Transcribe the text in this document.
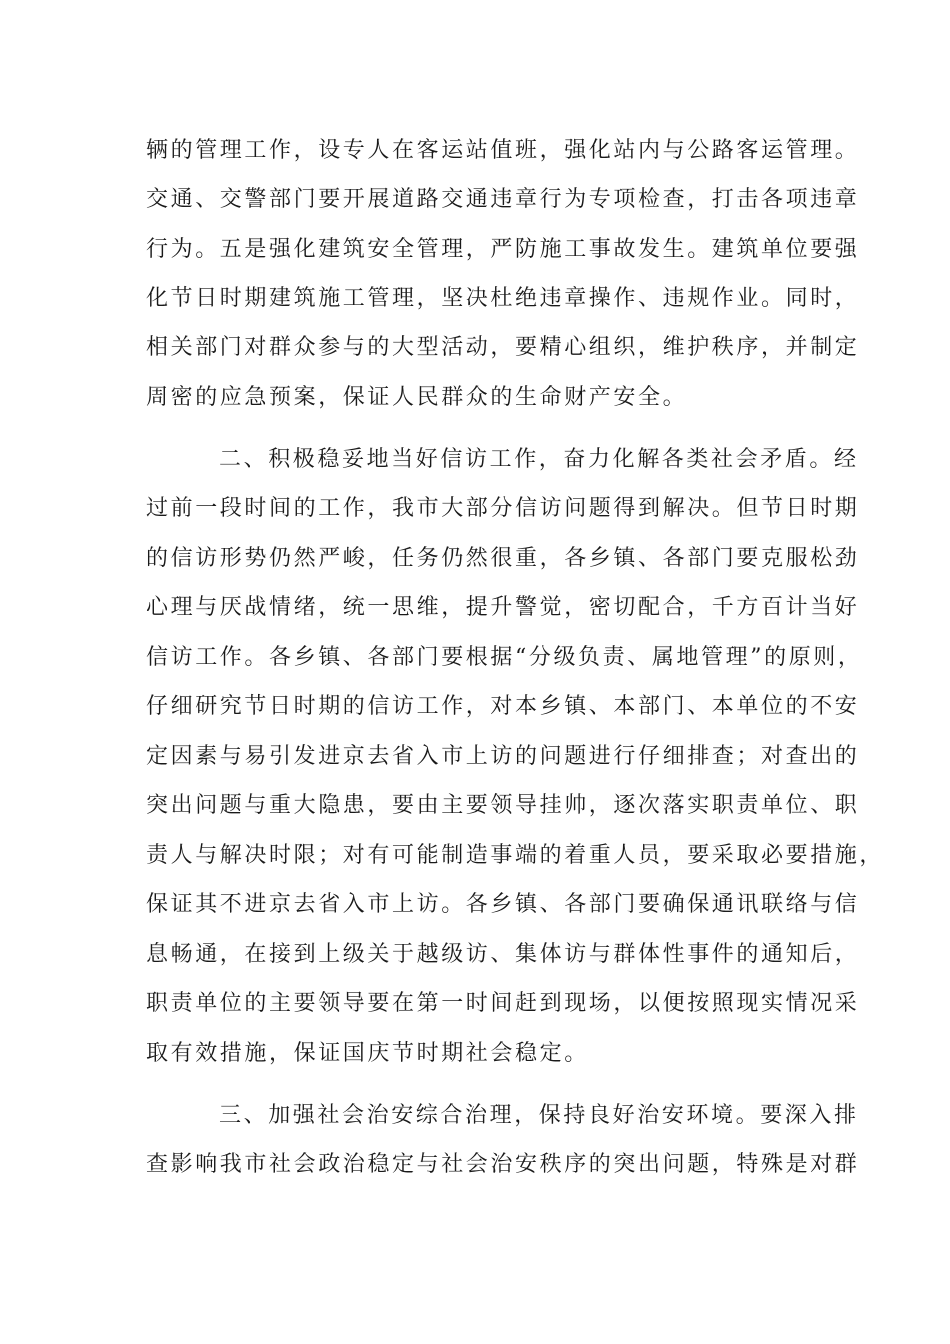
辆的管理工作，设专人在客运站值班，强化站内与公路客运管理。
交通、交警部门要开展道路交通违章行为专项检查，打击各项违章
行为。五是强化建筑安全管理，严防施工事故发生。建筑单位要强
化节日时期建筑施工管理，坚决杜绝违章操作、违规作业。同时，
相关部门对群众参与的大型活动，要精心组织，维护秩序，并制定
周密的应急预案，保证人民群众的生命财产安全。
二、积极稳妥地当好信访工作，奋力化解各类社会矛盾。经
过前一段时间的工作，我市大部分信访问题得到解决。但节日时期
的信访形势仍然严峻，任务仍然很重，各乡镇、各部门要克服松劲
心理与厌战情绪，统一思维，提升警觉，密切配合，千方百计当好
信访工作。各乡镇、各部门要根据“分级负责、属地管理”的原则，
仔细研究节日时期的信访工作，对本乡镇、本部门、本单位的不安
定因素与易引发进京去省入市上访的问题进行仔细排查；对查出的
突出问题与重大隐患，要由主要领导挂帅，逐次落实职责单位、职
责人与解决时限；对有可能制造事端的着重人员，要采取必要措施，
保证其不进京去省入市上访。各乡镇、各部门要确保通讯联络与信
息畅通，在接到上级关于越级访、集体访与群体性事件的通知后，
职责单位的主要领导要在第一时间赶到现场，以便按照现实情况采
取有效措施，保证国庆节时期社会稳定。
三、加强社会治安综合治理，保持良好治安环境。要深入排
查影响我市社会政治稳定与社会治安秩序的突出问题，特殊是对群
